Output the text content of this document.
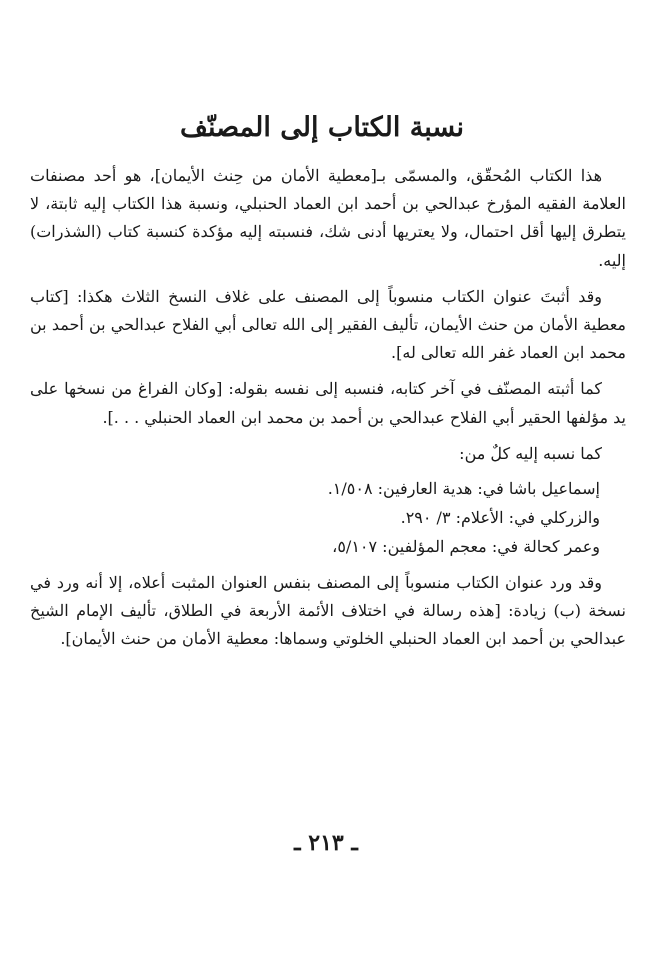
نسبة الكتاب إلى المصنّف

هذا الكتاب المُحقّق، والمسمّى بـ[معطية الأمان من حِنث الأيمان]، هو أحد مصنفات العلامة الفقيه المؤرخ عبدالحي بن أحمد ابن العماد الحنبلي، ونسبة هذا الكتاب إليه ثابتة، لا يتطرق إليها أقل احتمال، ولا يعتريها أدنى شك، فنسبته إليه مؤكدة كنسبة كتاب (الشذرات) إليه.

وقد أثبتَ عنوان الكتاب منسوباً إلى المصنف على غلاف النسخ الثلاث هكذا: [كتاب معطية الأمان من حنث الأيمان، تأليف الفقير إلى الله تعالى أبي الفلاح عبدالحي بن أحمد بن محمد ابن العماد غفر الله تعالى له].

كما أثبته المصنّف في آخر كتابه، فنسبه إلى نفسه بقوله: [وكان الفراغ من نسخها على يد مؤلفها الحقير أبي الفلاح عبدالحي بن أحمد بن محمد ابن العماد الحنبلي . . .].

كما نسبه إليه كلٌ من:

إسماعيل باشا في: هدية العارفين: ١/٥٠٨.
والزركلي في: الأعلام: ٣/ ٢٩٠.
وعمر كحالة في: معجم المؤلفين: ٥/١٠٧،

وقد ورد عنوان الكتاب منسوباً إلى المصنف بنفس العنوان المثبت أعلاه، إلا أنه ورد في نسخة (ب) زيادة: [هذه رسالة في اختلاف الأئمة الأربعة في الطلاق، تأليف الإمام الشيخ عبدالحي بن أحمد ابن العماد الحنبلي الخلوتي وسماها: معطية الأمان من حنث الأيمان].

ـ ٢١٣ ـ
